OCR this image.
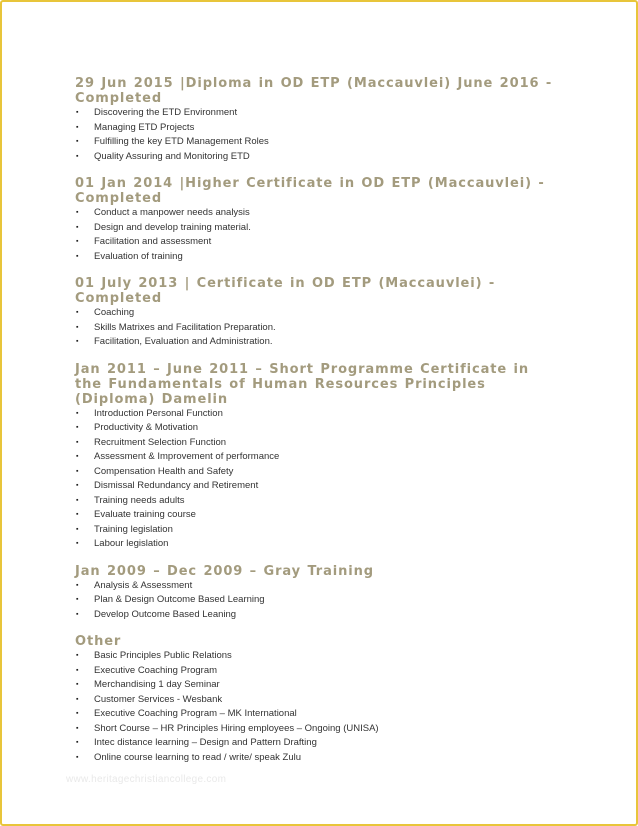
29 Jun 2015 |Diploma in OD ETP (Maccauvlei) June 2016 - Completed
▪ Discovering the ETD Environment
▪ Managing ETD Projects
▪ Fulfilling the key ETD Management Roles
▪ Quality Assuring and Monitoring ETD
01 Jan 2014 |Higher Certificate in OD ETP (Maccauvlei) - Completed
▪ Conduct a manpower needs analysis
▪ Design and develop training material.
▪ Facilitation and assessment
▪ Evaluation of training
01 July 2013 | Certificate in OD ETP (Maccauvlei) - Completed
▪ Coaching
▪ Skills Matrixes and Facilitation Preparation.
▪ Facilitation, Evaluation and Administration.
Jan 2011 – June 2011 – Short Programme Certificate in the Fundamentals of Human Resources Principles (Diploma) Damelin
▪ Introduction Personal Function
▪ Productivity & Motivation
▪ Recruitment Selection Function
▪ Assessment & Improvement of performance
▪ Compensation Health and Safety
▪ Dismissal Redundancy and Retirement
▪ Training needs adults
▪ Evaluate training course
▪ Training legislation
▪ Labour legislation
Jan 2009 – Dec 2009 – Gray Training
▪ Analysis & Assessment
▪ Plan & Design Outcome Based Learning
▪ Develop Outcome Based Leaning
Other
▪ Basic Principles Public Relations
▪ Executive Coaching Program
▪ Merchandising 1 day Seminar
▪ Customer Services - Wesbank
▪ Executive Coaching Program – MK International
▪ Short Course – HR Principles Hiring employees – Ongoing (UNISA)
▪ Intec distance learning – Design and Pattern Drafting
▪ Online course learning to read / write/ speak Zulu
www.heritagechristiancollege.com
